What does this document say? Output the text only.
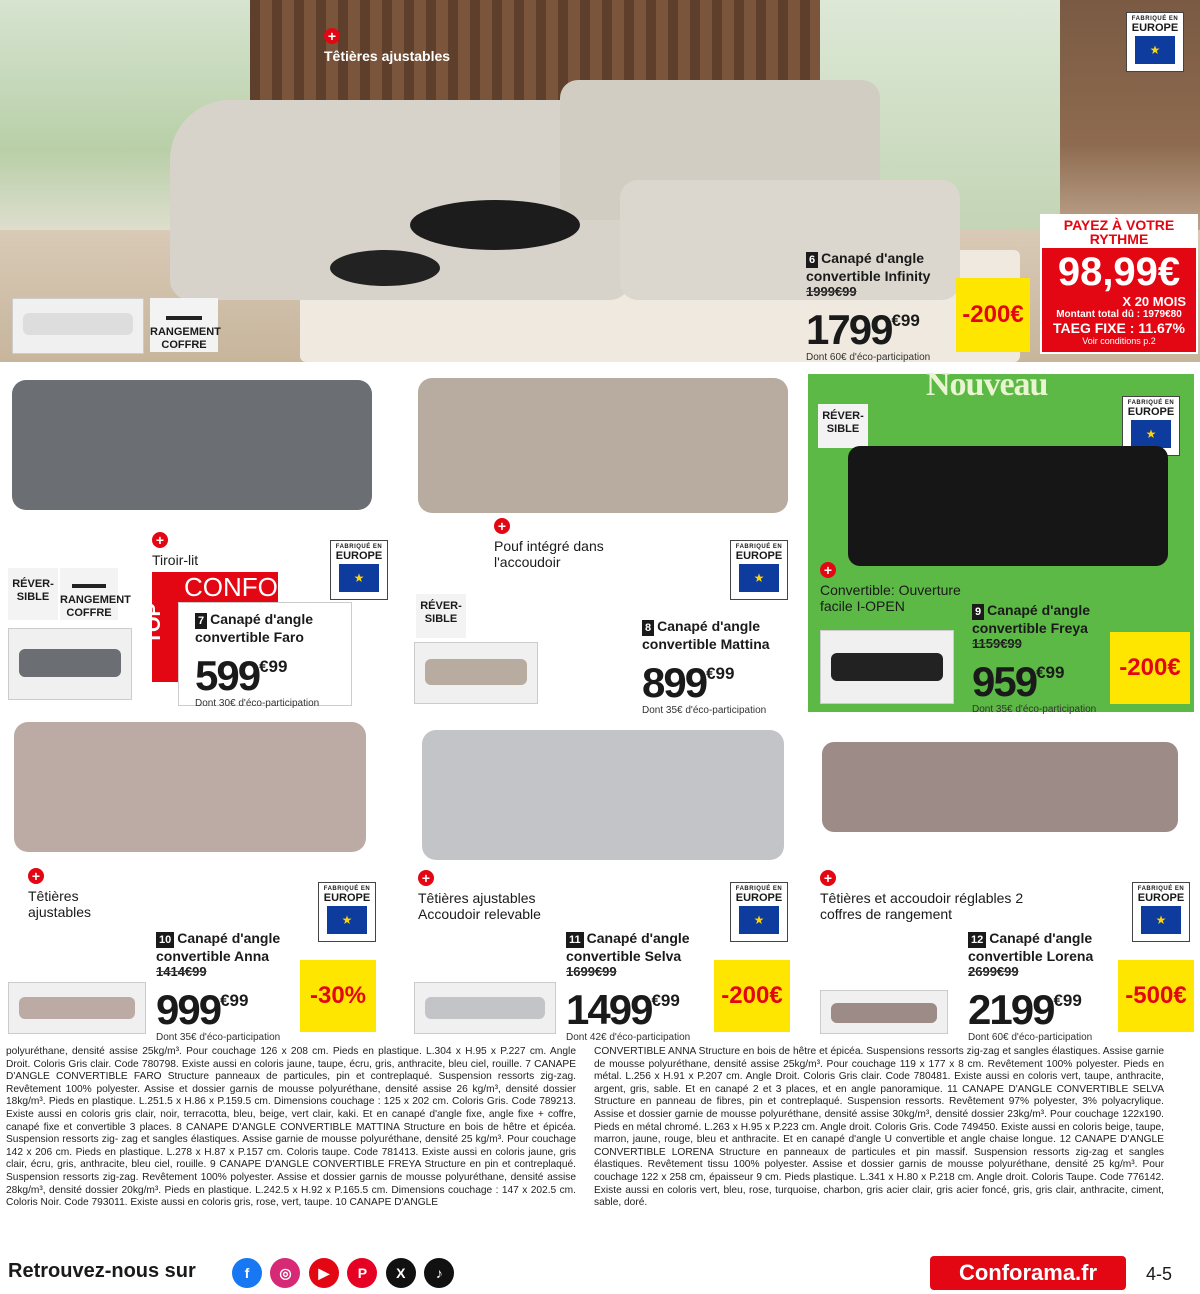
+
Têtières ajustables
FABRIQUÉ EN
EUROPE
★
RANGEMENT COFFRE
6 Canapé d'angle convertible Infinity
1999€99
$1799^{€99}$
Dont 60€ d'éco-participation
-200€
PAYEZ À VOTRE RYTHME
98,99€
X 20 MOIS
Montant total dû : 1979€80
TAEG FIXE : 11.67%
Voir conditions p.2
+
Tiroir-lit
FABRIQUÉ EN
EUROPE
★
RÉVER-SIBLE RANGEMENT COFFRE	TOP
CONFO
7 Canapé d'angle convertible Faro
$599^{€99}$
Dont 30€ d'éco-participation
+
Pouf intégré dans l'accoudoir
FABRIQUÉ EN
EUROPE
★
RÉVER-SIBLE
8 Canapé d'angle convertible Mattina
$899^{€99}$
Dont 35€ d'éco-participation
Nouveau	FABRIQUÉ EN
EUROPE
★
RÉVER-SIBLE
+
Convertible: Ouverture facile I-OPEN	9 Canapé d'angle convertible Freya
1159€99
$959^{€99}$
Dont 35€ d'éco-participation
-200€
+
Têtières ajustables
FABRIQUÉ EN
EUROPE
★
10 Canapé d'angle convertible Anna
1414€99
$999^{€99}$
Dont 35€ d'éco-participation
-30%
+
Têtières ajustables Accoudoir relevable
FABRIQUÉ EN
EUROPE
★
11 Canapé d'angle convertible Selva
1699€99
$1499^{€99}$
Dont 42€ d'éco-participation
-200€
+
Têtières et accoudoir réglables 2 coffres de rangement
FABRIQUÉ EN
EUROPE
★
12 Canapé d'angle convertible Lorena
2699€99
$2199^{€99}$
Dont 60€ d'éco-participation
-500€
polyuréthane, densité assise 25kg/m³. Pour couchage 126 x 208 cm. Pieds en plastique. L.304 x H.95 x P.227 cm. Angle Droit. Coloris Gris clair. Code 780798. Existe aussi en coloris jaune, taupe, écru, gris, anthracite, bleu ciel, rouille. 7 CANAPE D'ANGLE CONVERTIBLE FARO Structure panneaux de particules, pin et contreplaqué. Suspension ressorts zig-zag. Revêtement 100% polyester. Assise et dossier garnis de mousse polyuréthane, densité assise 26 kg/m³, densité dossier 18kg/m³. Pieds en plastique. L.251.5 x H.86 x P.159.5 cm. Dimensions couchage : 125 x 202 cm. Coloris Gris. Code 789213. Existe aussi en coloris gris clair, noir, terracotta, bleu, beige, vert clair, kaki. Et en canapé d'angle fixe, angle fixe + coffre, canapé fixe et convertible 3 places. 8 CANAPE D'ANGLE CONVERTIBLE MATTINA Structure en bois de hêtre et épicéa. Suspension ressorts zig- zag et sangles élastiques. Assise garnie de mousse polyuréthane, densité 25 kg/m³. Pour couchage 142 x 206 cm. Pieds en plastique. L.278 x H.87 x P.157 cm. Coloris taupe. Code 781413. Existe aussi en coloris jaune, gris clair, écru, gris, anthracite, bleu ciel, rouille. 9 CANAPE D'ANGLE CONVERTIBLE FREYA Structure en pin et contreplaqué. Suspension ressorts zig-zag. Revêtement 100% polyester. Assise et dossier garnis de mousse polyuréthane, densité assise 28kg/m³, densité dossier 20kg/m³. Pieds en plastique. L.242.5 x H.92 x P.165.5 cm. Dimensions couchage : 147 x 202.5 cm. Coloris Noir. Code 793011. Existe aussi en coloris gris, rose, vert, taupe. 10 CANAPE D'ANGLE
CONVERTIBLE ANNA Structure en bois de hêtre et épicéa. Suspensions ressorts zig-zag et sangles élastiques. Assise garnie de mousse polyuréthane, densité assise 25kg/m³. Pour couchage 119 x 177 x 8 cm. Revêtement 100% polyester. Pieds en métal. L.256 x H.91 x P.207 cm. Angle Droit. Coloris Gris clair. Code 780481. Existe aussi en coloris vert, taupe, anthracite, argent, gris, sable. Et en canapé 2 et 3 places, et en angle panoramique. 11 CANAPE D'ANGLE CONVERTIBLE SELVA Structure en panneau de fibres, pin et contreplaqué. Suspension ressorts. Revêtement 97% polyester, 3% polyacrylique. Assise et dossier garnie de mousse polyuréthane, densité assise 30kg/m³, densité dossier 23kg/m³. Pour couchage 122x190. Pieds en métal chromé. L.263 x H.95 x P.223 cm. Angle droit. Coloris Gris. Code 749450. Existe aussi en coloris beige, taupe, marron, jaune, rouge, bleu et anthracite. Et en canapé d'angle U convertible et angle chaise longue. 12 CANAPE D'ANGLE CONVERTIBLE LORENA Structure en panneaux de particules et pin massif. Suspension ressorts zig-zag et sangles élastiques. Revêtement tissu 100% polyester. Assise et dossier garnis de mousse polyuréthane, densité 25 kg/m³. Pour couchage 122 x 258 cm, épaisseur 9 cm. Pieds plastique. L.341 x H.80 x P.218 cm. Angle droit. Coloris Taupe. Code 776142. Existe aussi en coloris vert, bleu, rose, turquoise, charbon, gris acier clair, gris acier foncé, gris, gris clair, anthracite, ciment, sable, doré.
Retrouvez-nous sur	f ◎ ▶ P X ♪	Conforama.fr	4-5
